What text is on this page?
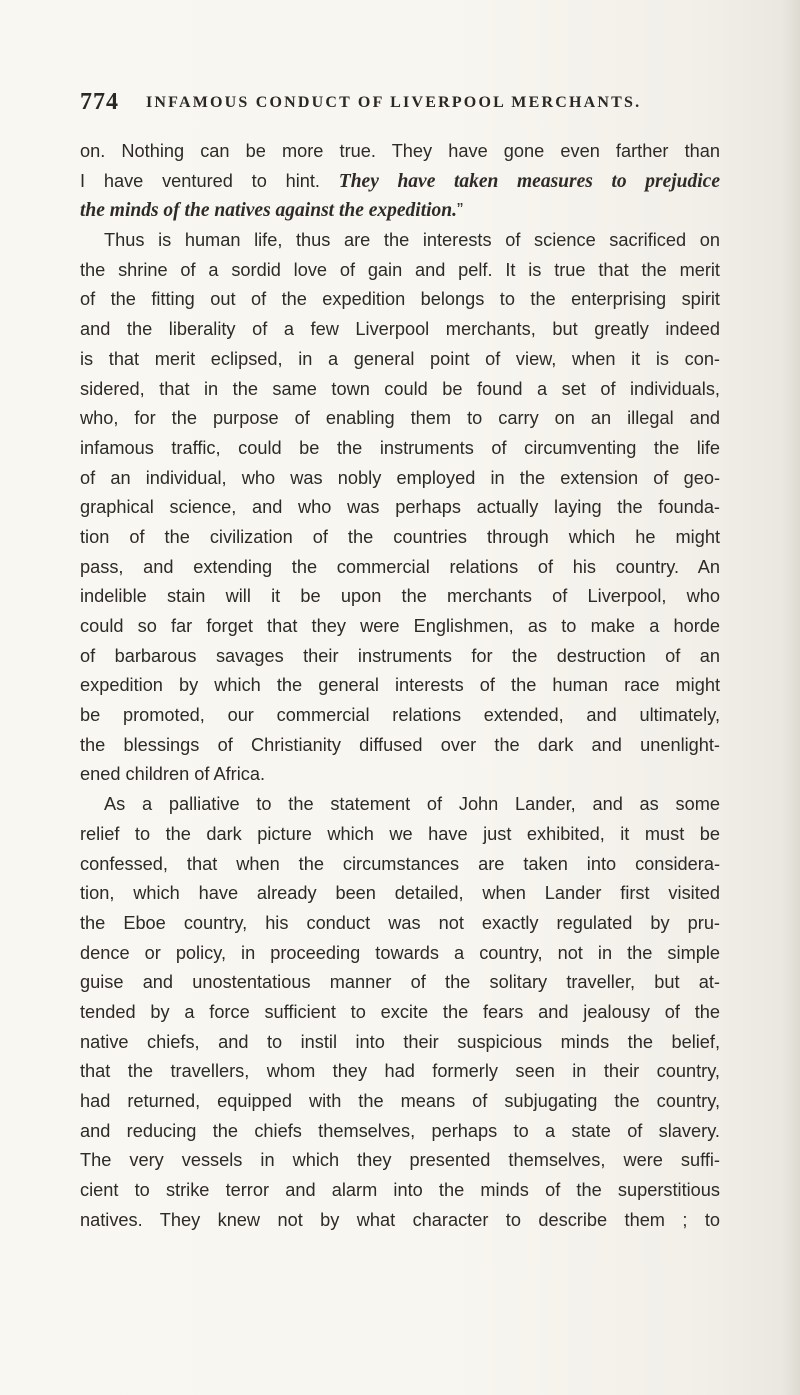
774 INFAMOUS CONDUCT OF LIVERPOOL MERCHANTS.
on. Nothing can be more true. They have gone even farther than
I have ventured to hint. They have taken measures to prejudice
the minds of the natives against the expedition.”
Thus is human life, thus are the interests of science sacrificed on
the shrine of a sordid love of gain and pelf. It is true that the merit
of the fitting out of the expedition belongs to the enterprising spirit
and the liberality of a few Liverpool merchants, but greatly indeed
is that merit eclipsed, in a general point of view, when it is con-
sidered, that in the same town could be found a set of individuals,
who, for the purpose of enabling them to carry on an illegal and
infamous traffic, could be the instruments of circumventing the life
of an individual, who was nobly employed in the extension of geo-
graphical science, and who was perhaps actually laying the founda-
tion of the civilization of the countries through which he might
pass, and extending the commercial relations of his country. An
indelible stain will it be upon the merchants of Liverpool, who
could so far forget that they were Englishmen, as to make a horde
of barbarous savages their instruments for the destruction of an
expedition by which the general interests of the human race might
be promoted, our commercial relations extended, and ultimately,
the blessings of Christianity diffused over the dark and unenlight-
ened children of Africa.
As a palliative to the statement of John Lander, and as some
relief to the dark picture which we have just exhibited, it must be
confessed, that when the circumstances are taken into considera-
tion, which have already been detailed, when Lander first visited
the Eboe country, his conduct was not exactly regulated by pru-
dence or policy, in proceeding towards a country, not in the simple
guise and unostentatious manner of the solitary traveller, but at-
tended by a force sufficient to excite the fears and jealousy of the
native chiefs, and to instil into their suspicious minds the belief,
that the travellers, whom they had formerly seen in their country,
had returned, equipped with the means of subjugating the country,
and reducing the chiefs themselves, perhaps to a state of slavery.
The very vessels in which they presented themselves, were suffi-
cient to strike terror and alarm into the minds of the superstitious
natives. They knew not by what character to describe them ; to
